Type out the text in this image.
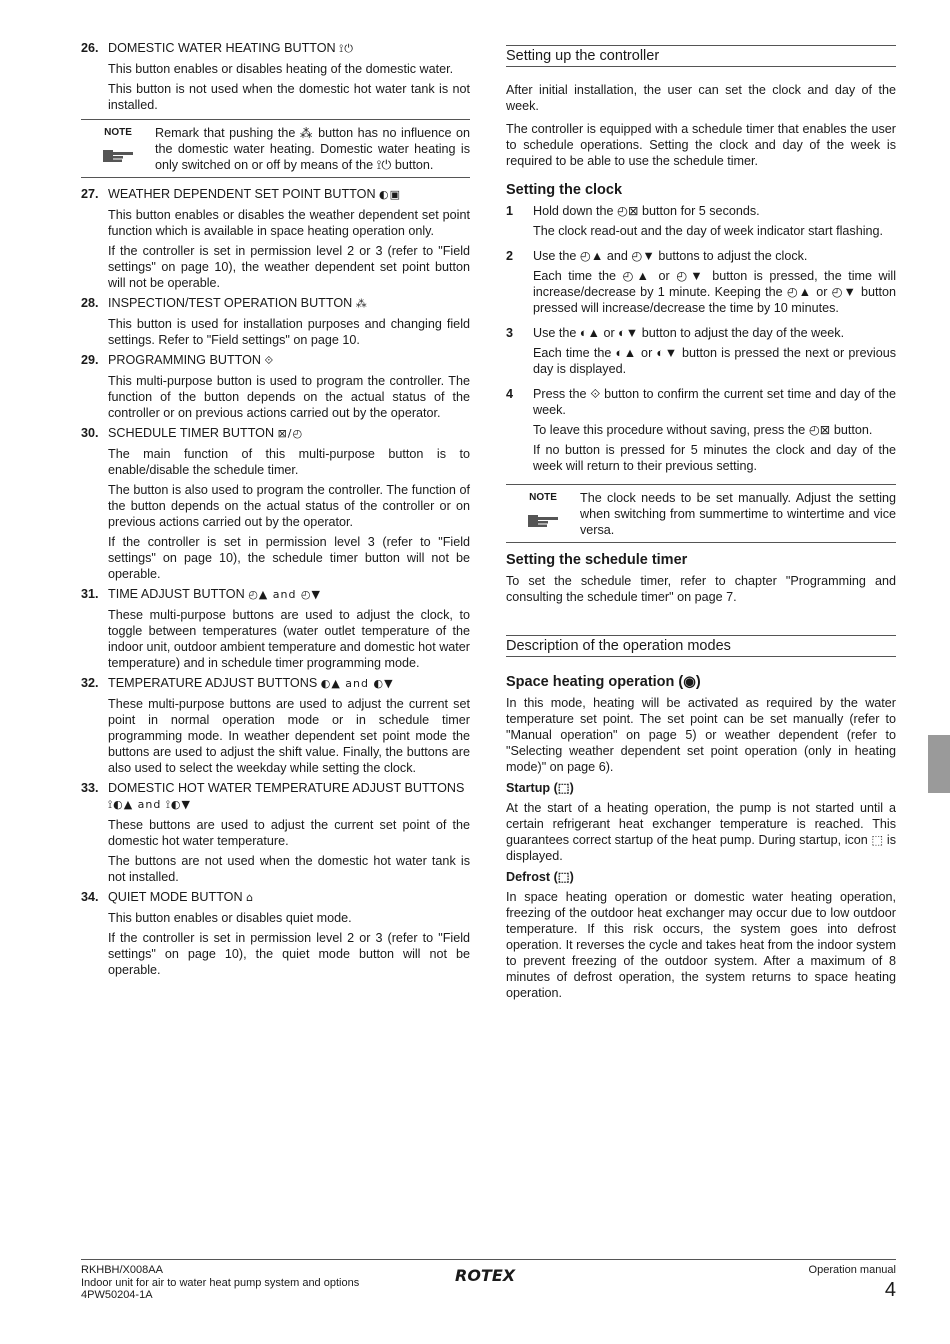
26. DOMESTIC WATER HEATING BUTTON ⟟⏻

This button enables or disables heating of the domestic water.

This button is not used when the domestic hot water tank is not installed.

NOTE	Remark that pushing the ⁂ button has no influence on the domestic water heating. Domestic water heating is only switched on or off by means of the ⟟⏻ button.
27. WEATHER DEPENDENT SET POINT BUTTON ◐▣

This button enables or disables the weather dependent set point function which is available in space heating operation only.

If the controller is set in permission level 2 or 3 (refer to "Field settings" on page 10), the weather dependent set point button will not be operable.

28. INSPECTION/TEST OPERATION BUTTON ⁂

This button is used for installation purposes and changing field settings. Refer to "Field settings" on page 10.

29. PROGRAMMING BUTTON ⟐

This multi-purpose button is used to program the controller. The function of the button depends on the actual status of the controller or on previous actions carried out by the operator.

30. SCHEDULE TIMER BUTTON ⊠/◴

The main function of this multi-purpose button is to enable/disable the schedule timer.

The button is also used to program the controller. The function of the button depends on the actual status of the controller or on previous actions carried out by the operator.

If the controller is set in permission level 3 (refer to "Field settings" on page 10), the schedule timer button will not be operable.

31. TIME ADJUST BUTTON ◴▲ and ◴▼

These multi-purpose buttons are used to adjust the clock, to toggle between temperatures (water outlet temperature of the indoor unit, outdoor ambient temperature and domestic hot water temperature) and in schedule timer programming mode.

32. TEMPERATURE ADJUST BUTTONS ◐▲ and ◐▼

These multi-purpose buttons are used to adjust the current set point in normal operation mode or in schedule timer programming mode. In weather dependent set point mode the buttons are used to adjust the shift value. Finally, the buttons are also used to select the weekday while setting the clock.

33. DOMESTIC HOT WATER TEMPERATURE ADJUST BUTTONS ⟟◐▲ and ⟟◐▼

These buttons are used to adjust the current set point of the domestic hot water temperature.

The buttons are not used when the domestic hot water tank is not installed.

34. QUIET MODE BUTTON ⌂

This button enables or disables quiet mode.

If the controller is set in permission level 2 or 3 (refer to "Field settings" on page 10), the quiet mode button will not be operable.

Setting up the controller

After initial installation, the user can set the clock and day of the week.

The controller is equipped with a schedule timer that enables the user to schedule operations. Setting the clock and day of the week is required to be able to use the schedule timer.

Setting the clock
1	Hold down the ◴⊠ button for 5 seconds.

The clock read-out and the day of week indicator start flashing.

2	Use the ◴▲ and ◴▼ buttons to adjust the clock.

Each time the ◴▲ or ◴▼ button is pressed, the time will increase/decrease by 1 minute. Keeping the ◴▲ or ◴▼ button pressed will increase/decrease the time by 10 minutes.

3	Use the ◐▲ or ◐▼ button to adjust the day of the week.

Each time the ◐▲ or ◐▼ button is pressed the next or previous day is displayed.

4	Press the ⟐ button to confirm the current set time and day of the week.

To leave this procedure without saving, press the ◴⊠ button.

If no button is pressed for 5 minutes the clock and day of the week will return to their previous setting.

NOTE	The clock needs to be set manually. Adjust the setting when switching from summertime to wintertime and vice versa.
Setting the schedule timer

To set the schedule timer, refer to chapter "Programming and consulting the schedule timer" on page 7.

Description of the operation modes
Space heating operation (◉)

In this mode, heating will be activated as required by the water temperature set point. The set point can be set manually (refer to "Manual operation" on page 5) or weather dependent (refer to "Selecting weather dependent set point operation (only in heating mode)" on page 6).

Startup (⬚)

At the start of a heating operation, the pump is not started until a certain refrigerant heat exchanger temperature is reached. This guarantees correct startup of the heat pump. During startup, icon ⬚ is displayed.

Defrost (⬚)

In space heating operation or domestic water heating operation, freezing of the outdoor heat exchanger may occur due to low outdoor temperature. If this risk occurs, the system goes into defrost operation. It reverses the cycle and takes heat from the indoor system to prevent freezing of the outdoor system. After a maximum of 8 minutes of defrost operation, the system returns to space heating operation.

RKHBH/X008AA
Indoor unit for air to water heat pump system and options
4PW50204-1A
ROTEX	Operation manual
4
